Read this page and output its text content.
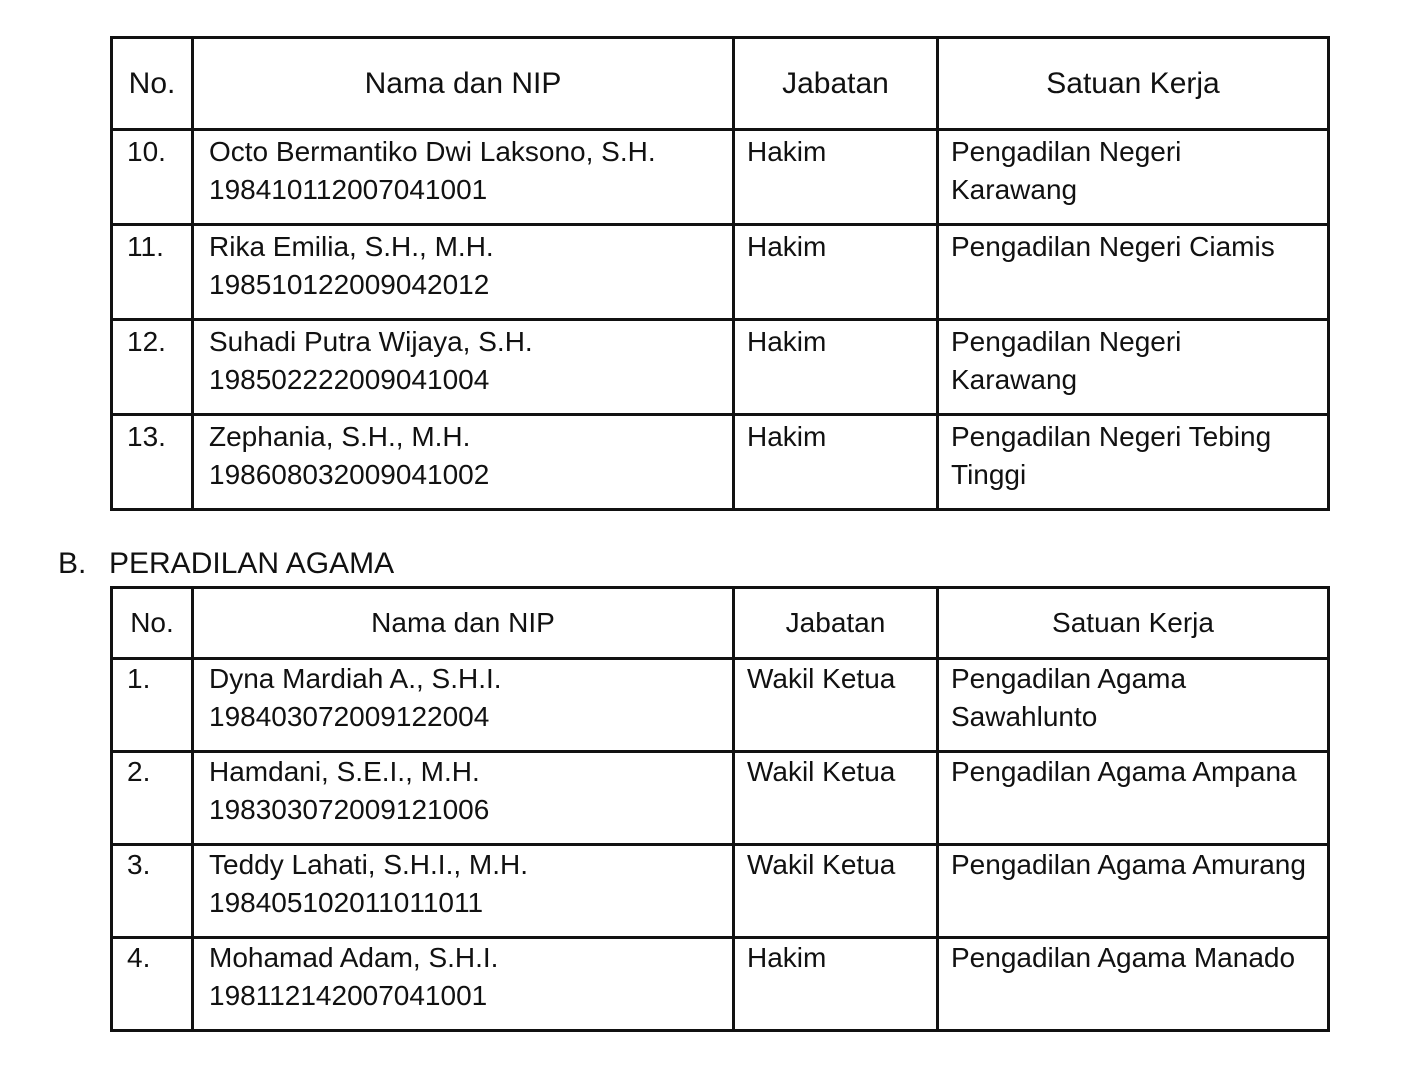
No.	Nama dan NIP	Jabatan	Satuan Kerja
10.	Octo Bermantiko Dwi Laksono, S.H.
198410112007041001	Hakim	Pengadilan Negeri Karawang

11.	Rika Emilia, S.H., M.H.
198510122009042012	Hakim	Pengadilan Negeri Ciamis

12.	Suhadi Putra Wijaya, S.H.
198502222009041004	Hakim	Pengadilan Negeri Karawang

13.	Zephania, S.H., M.H.
198608032009041002	Hakim	Pengadilan Negeri Tebing Tinggi
B. PERADILAN AGAMA
No.	Nama dan NIP	Jabatan	Satuan Kerja
1.	Dyna Mardiah A., S.H.I.
198403072009122004	Wakil Ketua	Pengadilan Agama Sawahlunto

2.	Hamdani, S.E.I., M.H.
198303072009121006	Wakil Ketua	Pengadilan Agama Ampana

3.	Teddy Lahati, S.H.I., M.H.
198405102011011011	Wakil Ketua	Pengadilan Agama Amurang

4.	Mohamad Adam, S.H.I.
198112142007041001	Hakim	Pengadilan Agama Manado
